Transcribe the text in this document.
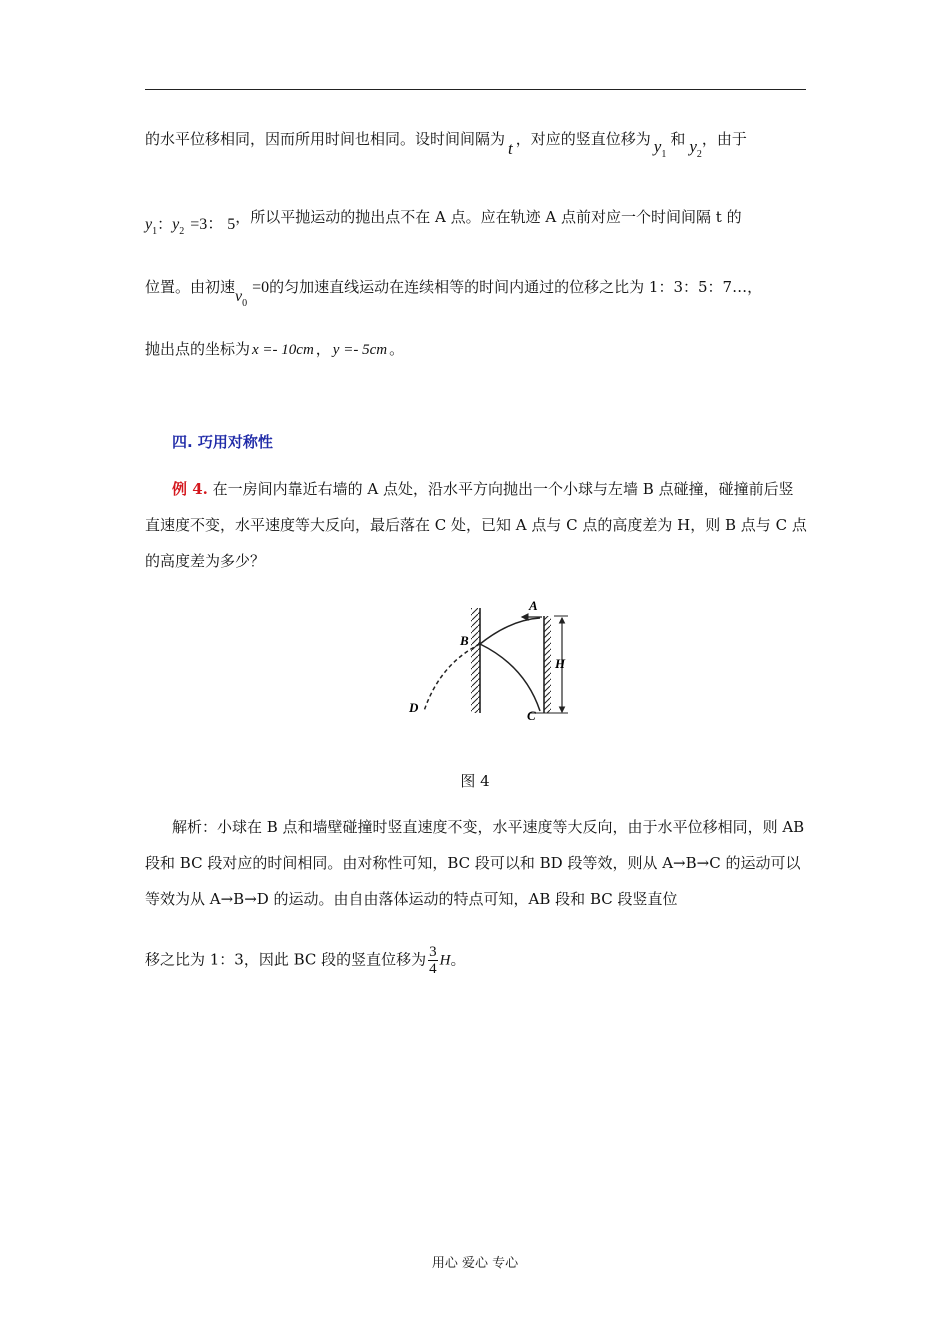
的水平位移相同，因而所用时间也相同。设时间间隔为 t ，对应的竖直位移为 $y_1$和 $y_2$，由于
$y_1$：$y_2 =3$： 5，所以平抛运动的抛出点不在 A 点。应在轨迹 A 点前对应一个时间间隔 t 的
位置。由初速$v_0=0$的匀加速直线运动在连续相等的时间内通过的位移之比为 1：3：5：7…，
抛出点的坐标为 x =- 10cm ， y =- 5cm 。
四. 巧用对称性
例 4. 在一房间内靠近右墙的 A 点处，沿水平方向抛出一个小球与左墙 B 点碰撞，碰撞前后竖直速度不变，水平速度等大反向，最后落在 C 处，已知 A 点与 C 点的高度差为 H，则 B 点与 C 点的高度差为多少？
A
B
C
D
H
图 4
解析：小球在 B 点和墙壁碰撞时竖直速度不变，水平速度等大反向，由于水平位移相同，则 AB 段和 BC 段对应的时间相同。由对称性可知，BC 段可以和 BD 段等效，则从 A→B→C 的运动可以等效为从 A→B→D 的运动。由自由落体运动的特点可知，AB 段和 BC 段竖直位
移之比为 1：3，因此 BC 段的竖直位移为 $\frac{3}{4}$ H。
用心 爱心 专心
